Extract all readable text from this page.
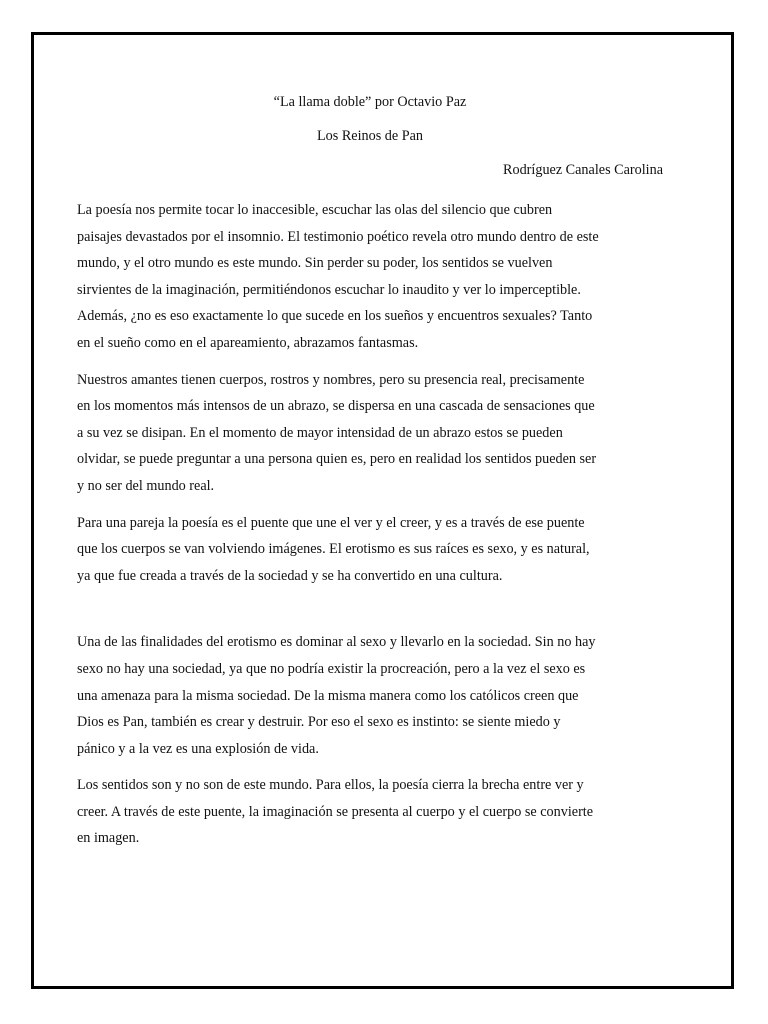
“La llama doble” por Octavio Paz
Los Reinos de Pan
Rodríguez Canales Carolina

La poesía nos permite tocar lo inaccesible, escuchar las olas del silencio que cubren
paisajes devastados por el insomnio. El testimonio poético revela otro mundo dentro de este
mundo, y el otro mundo es este mundo. Sin perder su poder, los sentidos se vuelven
sirvientes de la imaginación, permitiéndonos escuchar lo inaudito y ver lo imperceptible.
Además, ¿no es eso exactamente lo que sucede en los sueños y encuentros sexuales? Tanto
en el sueño como en el apareamiento, abrazamos fantasmas.

Nuestros amantes tienen cuerpos, rostros y nombres, pero su presencia real, precisamente
en los momentos más intensos de un abrazo, se dispersa en una cascada de sensaciones que
a su vez se disipan. En el momento de mayor intensidad de un abrazo estos se pueden
olvidar, se puede preguntar a una persona quien es, pero en realidad los sentidos pueden ser
y no ser del mundo real.

Para una pareja la poesía es el puente que une el ver y el creer, y es a través de ese puente
que los cuerpos se van volviendo imágenes. El erotismo es sus raíces es sexo, y es natural,
ya que fue creada a través de la sociedad y se ha convertido en una cultura.

Una de las finalidades del erotismo es dominar al sexo y llevarlo en la sociedad. Sin no hay
sexo no hay una sociedad, ya que no podría existir la procreación, pero a la vez el sexo es
una amenaza para la misma sociedad. De la misma manera como los católicos creen que
Dios es Pan, también es crear y destruir. Por eso el sexo es instinto: se siente miedo y
pánico y a la vez es una explosión de vida.

Los sentidos son y no son de este mundo. Para ellos, la poesía cierra la brecha entre ver y
creer. A través de este puente, la imaginación se presenta al cuerpo y el cuerpo se convierte
en imagen.
